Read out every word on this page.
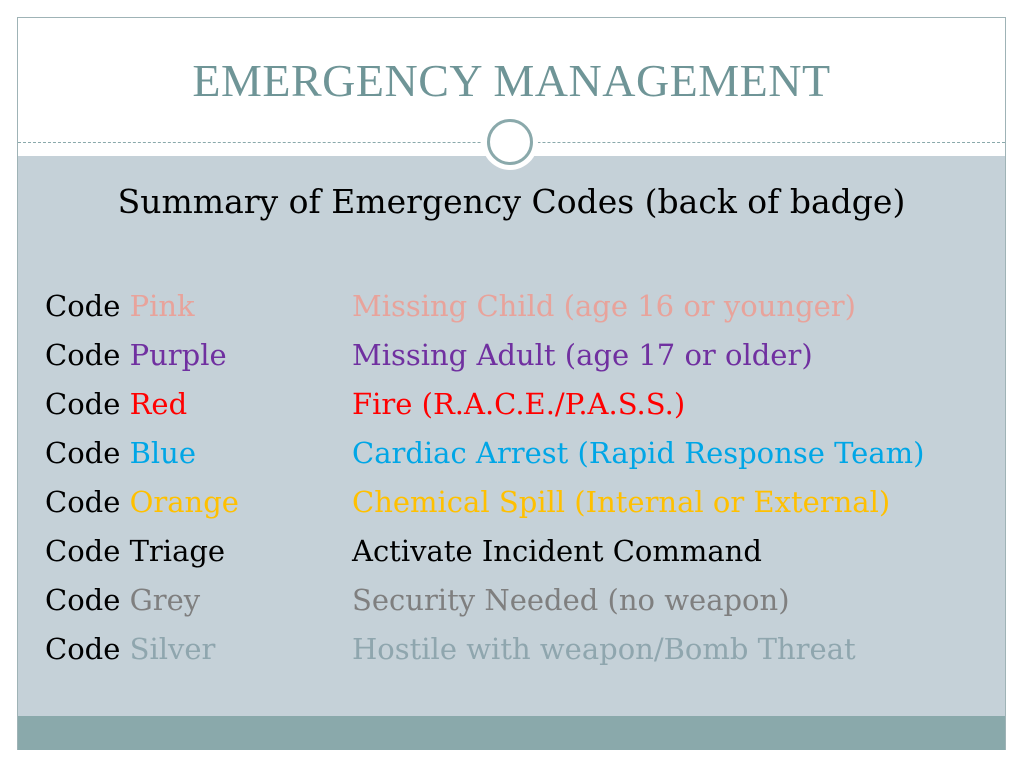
EMERGENCY MANAGEMENT
Summary of Emergency Codes (back of badge)
Code Pink	Missing Child (age 16 or younger)
Code Purple	Missing Adult (age 17 or older)
Code Red	Fire (R.A.C.E./P.A.S.S.)
Code Blue	Cardiac Arrest (Rapid Response Team)
Code Orange	Chemical Spill (Internal or External)
Code Triage	Activate Incident Command
Code Grey	Security Needed (no weapon)
Code Silver	Hostile with weapon/Bomb Threat
